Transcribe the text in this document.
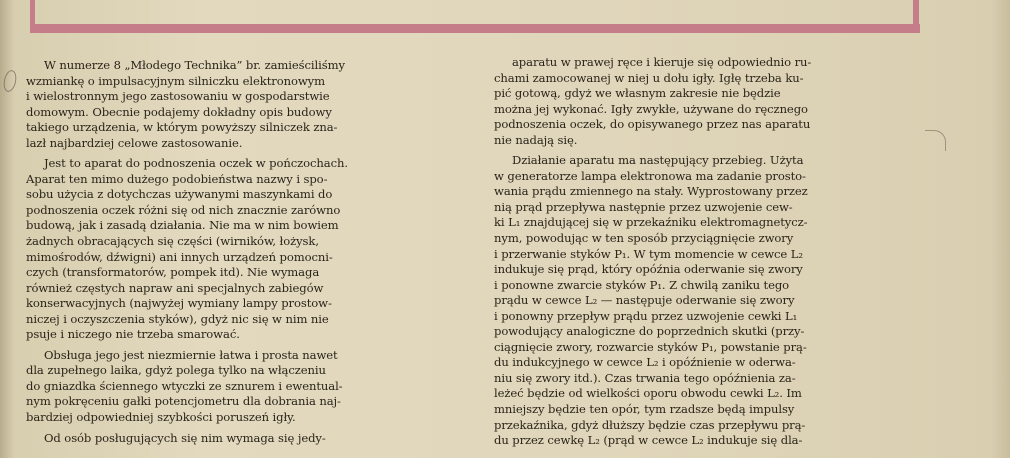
W numerze 8 „Młodego Technika” br. zamieściliśmy
wzmiankę o impulsacyjnym silniczku elektronowym
i wielostronnym jego zastosowaniu w gospodarstwie
domowym. Obecnie podajemy dokładny opis budowy
takiego urządzenia, w którym powyższy silniczek zna-
lazł najbardziej celowe zastosowanie.
Jest to aparat do podnoszenia oczek w pończochach.
Aparat ten mimo dużego podobieństwa nazwy i spo-
sobu użycia z dotychczas używanymi maszynkami do
podnoszenia oczek różni się od nich znacznie zarówno
budową, jak i zasadą działania. Nie ma w nim bowiem
żadnych obracających się części (wirników, łożysk,
mimośrodów, dźwigni) ani innych urządzeń pomocni-
czych (transformatorów, pompek itd). Nie wymaga
również częstych napraw ani specjalnych zabiegów
konserwacyjnych (najwyżej wymiany lampy prostow-
niczej i oczyszczenia styków), gdyż nic się w nim nie
psuje i niczego nie trzeba smarować.
Obsługa jego jest niezmiernie łatwa i prosta nawet
dla zupełnego laika, gdyż polega tylko na włączeniu
do gniazdka ściennego wtyczki ze sznurem i ewentual-
nym pokręceniu gałki potencjometru dla dobrania naj-
bardziej odpowiedniej szybkości poruszeń igły.
Od osób posługujących się nim wymaga się jedy-
aparatu w prawej ręce i kieruje się odpowiednio ru-
chami zamocowanej w niej u dołu igły. Igłę trzeba ku-
pić gotową, gdyż we własnym zakresie nie będzie
można jej wykonać. Igły zwykłe, używane do ręcznego
podnoszenia oczek, do opisywanego przez nas aparatu
nie nadają się.
Działanie aparatu ma następujący przebieg. Użyta
w generatorze lampa elektronowa ma zadanie prosto-
wania prądu zmiennego na stały. Wyprostowany przez
nią prąd przepływa następnie przez uzwojenie cew-
ki L₁ znajdującej się w przekaźniku elektromagnetycz-
nym, powodując w ten sposób przyciągnięcie zwory
i przerwanie styków P₁. W tym momencie w cewce L₂
indukuje się prąd, który opóźnia oderwanie się zwory
i ponowne zwarcie styków P₁. Z chwilą zaniku tego
prądu w cewce L₂ — następuje oderwanie się zwory
i ponowny przepływ prądu przez uzwojenie cewki L₁
powodujący analogiczne do poprzednich skutki (przy-
ciągnięcie zwory, rozwarcie styków P₁, powstanie prą-
du indukcyjnego w cewce L₂ i opóźnienie w oderwa-
niu się zwory itd.). Czas trwania tego opóźnienia za-
leżeć będzie od wielkości oporu obwodu cewki L₂. Im
mniejszy będzie ten opór, tym rzadsze będą impulsy
przekaźnika, gdyż dłuższy będzie czas przepływu prą-
du przez cewkę L₂ (prąd w cewce L₂ indukuje się dla-
